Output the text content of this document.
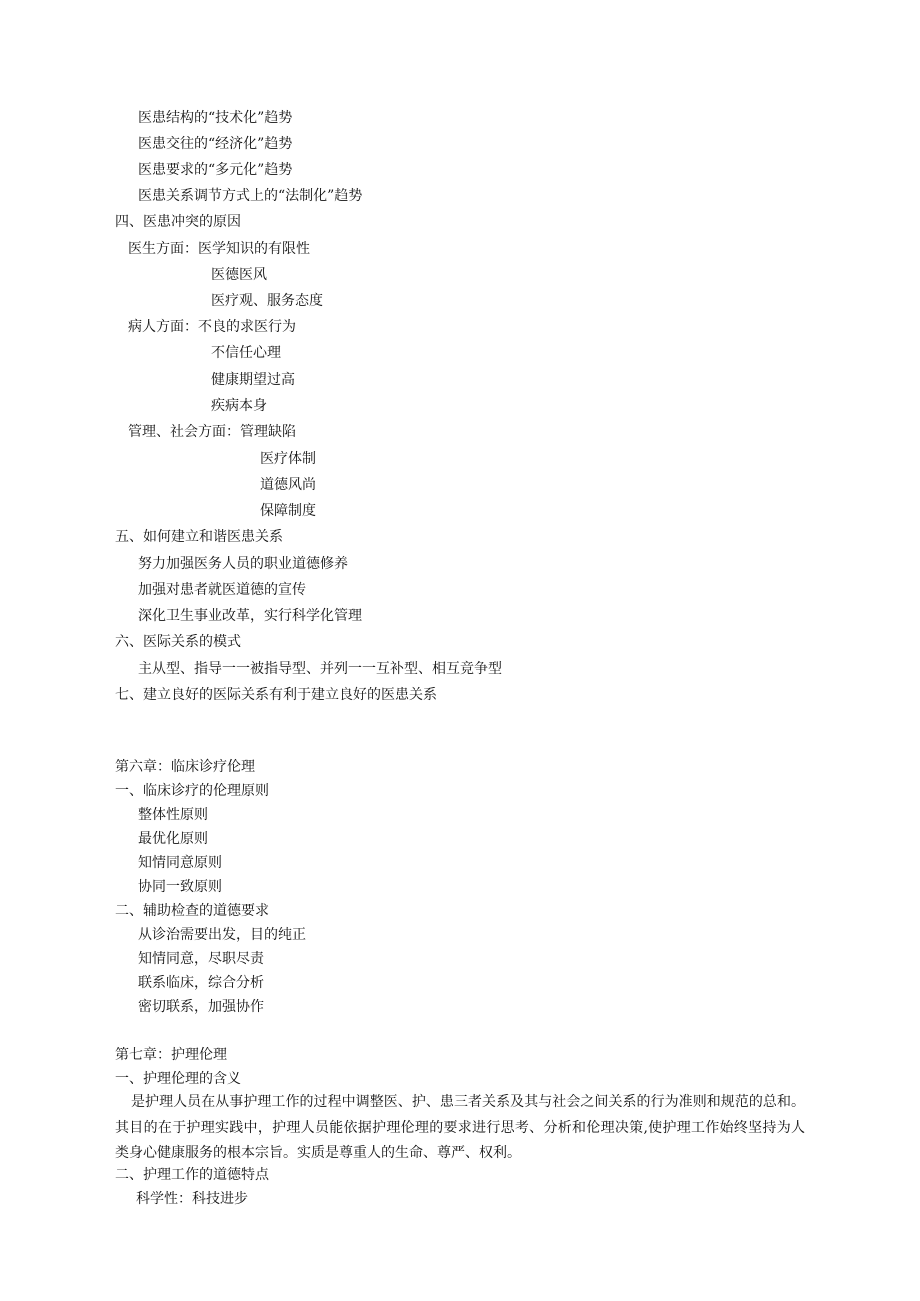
医患结构的“技术化”趋势

医患交往的“经济化”趋势

医患要求的“多元化”趋势

医患关系调节方式上的“法制化”趋势

四、医患冲突的原因

医生方面：医学知识的有限性

医德医风

医疗观、服务态度

病人方面：不良的求医行为

不信任心理

健康期望过高

疾病本身

管理、社会方面：管理缺陷

医疗体制

道德风尚

保障制度

五、如何建立和谐医患关系

努力加强医务人员的职业道德修养

加强对患者就医道德的宣传

深化卫生事业改革，实行科学化管理

六、医际关系的模式

主从型、指导一一被指导型、并列一一互补型、相互竞争型

七、建立良好的医际关系有利于建立良好的医患关系

第六章：临床诊疗伦理

一、临床诊疗的伦理原则

整体性原则

最优化原则

知情同意原则

协同一致原则

二、辅助检查的道德要求

从诊治需要出发，目的纯正

知情同意，尽职尽责

联系临床，综合分析

密切联系，加强协作

第七章：护理伦理

一、护理伦理的含义

是护理人员在从事护理工作的过程中调整医、护、患三者关系及其与社会之间关系的行为准则和规范的总和。其目的在于护理实践中，护理人员能依据护理伦理的要求进行思考、分析和伦理决策,使护理工作始终坚持为人类身心健康服务的根本宗旨。实质是尊重人的生命、尊严、权利。

二、护理工作的道德特点

科学性：科技进步
